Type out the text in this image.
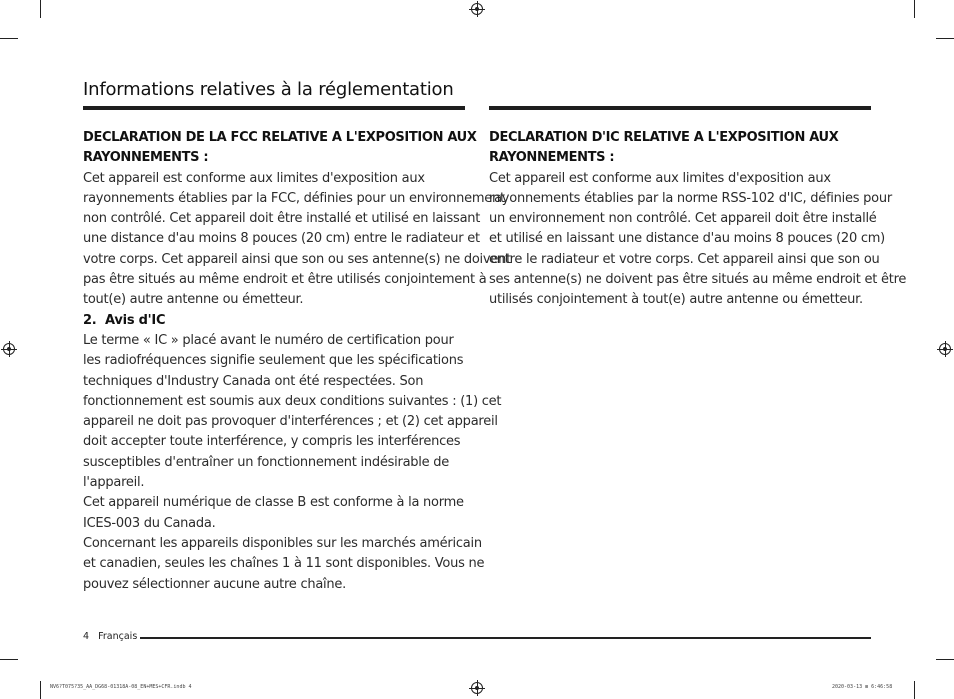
Informations relatives à la réglementation

DECLARATION DE LA FCC RELATIVE A L'EXPOSITION AUX

RAYONNEMENTS :

Cet appareil est conforme aux limites d'exposition aux

rayonnements établies par la FCC, définies pour un environnement

non contrôlé. Cet appareil doit être installé et utilisé en laissant

une distance d'au moins 8 pouces (20 cm) entre le radiateur et

votre corps. Cet appareil ainsi que son ou ses antenne(s) ne doivent

pas être situés au même endroit et être utilisés conjointement à

tout(e) autre antenne ou émetteur.

2. Avis d'IC

Le terme « IC » placé avant le numéro de certification pour

les radiofréquences signifie seulement que les spécifications

techniques d'Industry Canada ont été respectées. Son

fonctionnement est soumis aux deux conditions suivantes : (1) cet

appareil ne doit pas provoquer d'interférences ; et (2) cet appareil

doit accepter toute interférence, y compris les interférences

susceptibles d'entraîner un fonctionnement indésirable de

l'appareil.

Cet appareil numérique de classe B est conforme à la norme

ICES-003 du Canada.

Concernant les appareils disponibles sur les marchés américain

et canadien, seules les chaînes 1 à 11 sont disponibles. Vous ne

pouvez sélectionner aucune autre chaîne.

DECLARATION D'IC RELATIVE A L'EXPOSITION AUX

RAYONNEMENTS :

Cet appareil est conforme aux limites d'exposition aux

rayonnements établies par la norme RSS-102 d'IC, définies pour

un environnement non contrôlé. Cet appareil doit être installé

et utilisé en laissant une distance d'au moins 8 pouces (20 cm)

entre le radiateur et votre corps. Cet appareil ainsi que son ou

ses antenne(s) ne doivent pas être situés au même endroit et être

utilisés conjointement à tout(e) autre antenne ou émetteur.

4 Français
NV6?T075?35_AA_DG68-01318A-08_EN+MES+CFR.indb 4	2020-03-13 ⊞ 6:46:58
